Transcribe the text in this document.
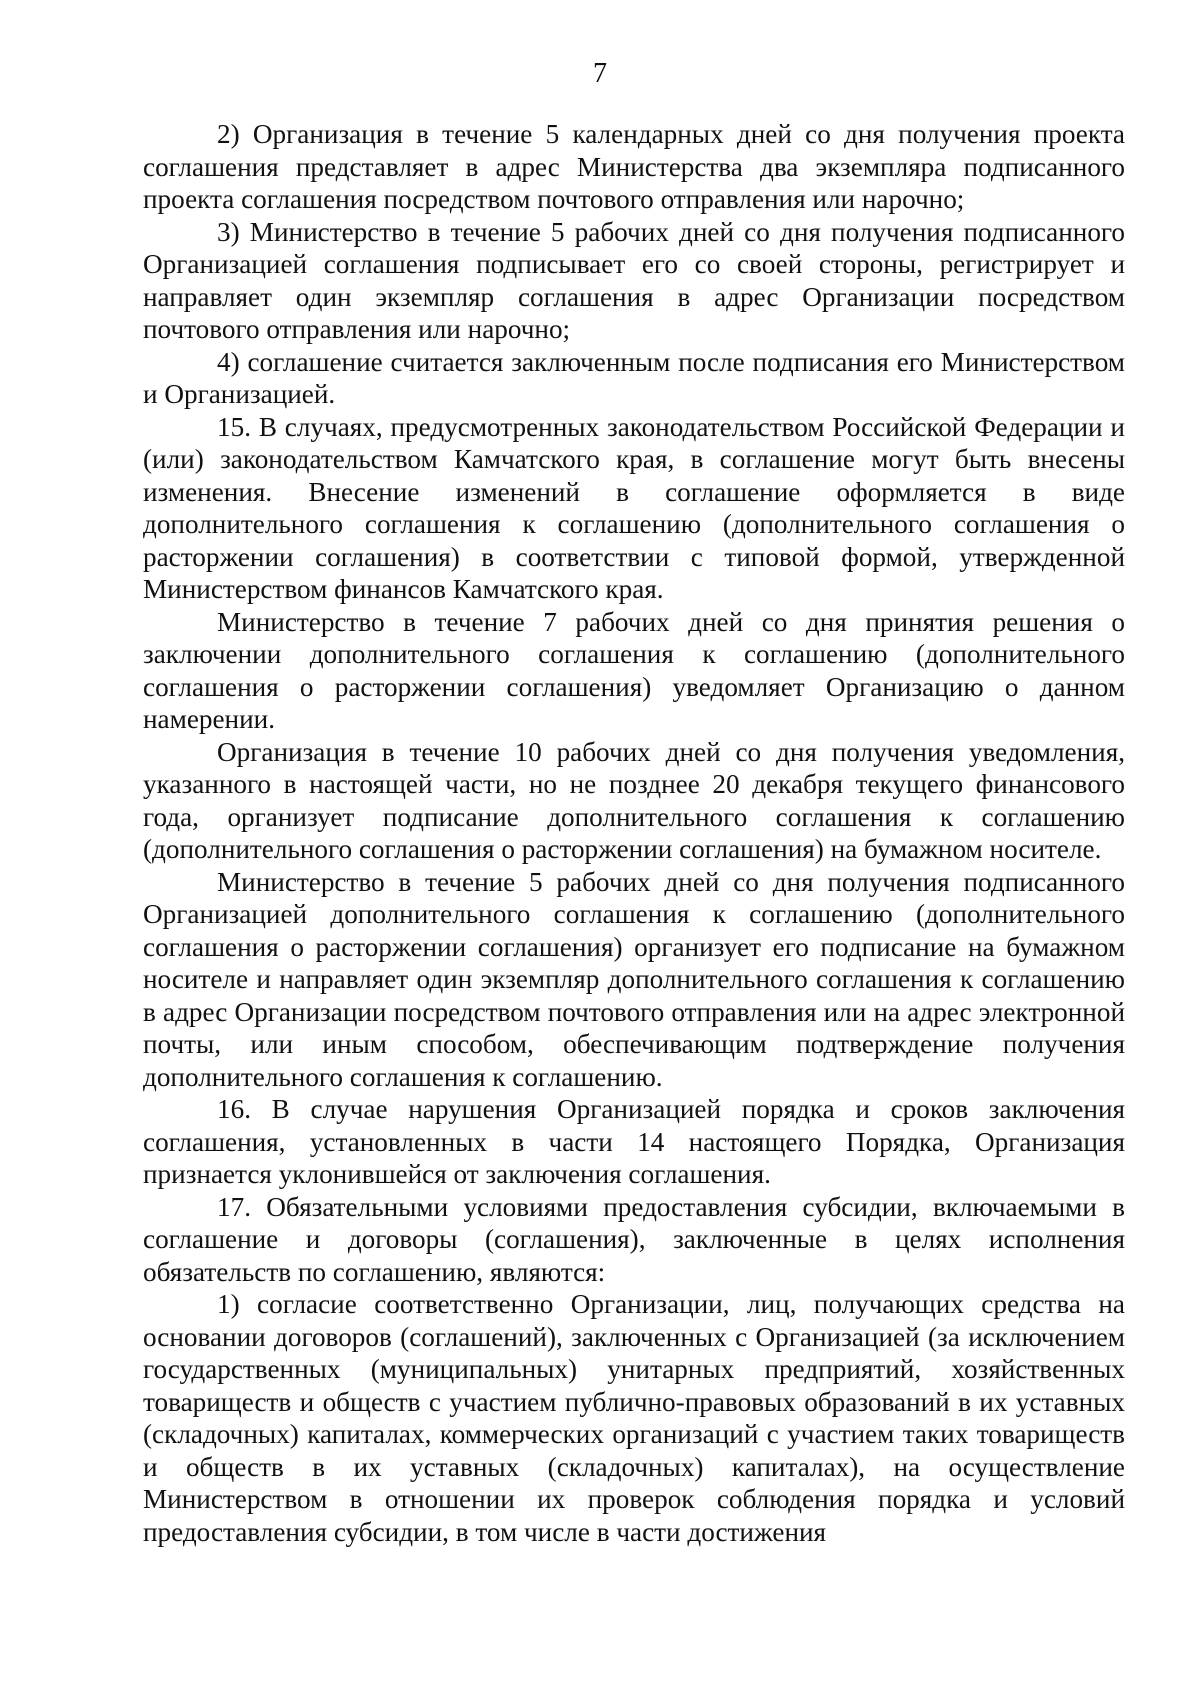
7

2) Организация в течение 5 календарных дней со дня получения проекта соглашения представляет в адрес Министерства два экземпляра подписанного проекта соглашения посредством почтового отправления или нарочно;

3) Министерство в течение 5 рабочих дней со дня получения подписанного Организацией соглашения подписывает его со своей стороны, регистрирует и направляет один экземпляр соглашения в адрес Организации посредством почтового отправления или нарочно;

4) соглашение считается заключенным после подписания его Министерством и Организацией.

15. В случаях, предусмотренных законодательством Российской Федерации и (или) законодательством Камчатского края, в соглашение могут быть внесены изменения. Внесение изменений в соглашение оформляется в виде дополнительного соглашения к соглашению (дополнительного соглашения о расторжении соглашения) в соответствии с типовой формой, утвержденной Министерством финансов Камчатского края.

Министерство в течение 7 рабочих дней со дня принятия решения о заключении дополнительного соглашения к соглашению (дополнительного соглашения о расторжении соглашения) уведомляет Организацию о данном намерении.

Организация в течение 10 рабочих дней со дня получения уведомления, указанного в настоящей части, но не позднее 20 декабря текущего финансового года, организует подписание дополнительного соглашения к соглашению (дополнительного соглашения о расторжении соглашения) на бумажном носителе.

Министерство в течение 5 рабочих дней со дня получения подписанного Организацией дополнительного соглашения к соглашению (дополнительного соглашения о расторжении соглашения) организует его подписание на бумажном носителе и направляет один экземпляр дополнительного соглашения к соглашению в адрес Организации посредством почтового отправления или на адрес электронной почты, или иным способом, обеспечивающим подтверждение получения дополнительного соглашения к соглашению.

16. В случае нарушения Организацией порядка и сроков заключения соглашения, установленных в части 14 настоящего Порядка, Организация признается уклонившейся от заключения соглашения.

17. Обязательными условиями предоставления субсидии, включаемыми в соглашение и договоры (соглашения), заключенные в целях исполнения обязательств по соглашению, являются:

1) согласие соответственно Организации, лиц, получающих средства на основании договоров (соглашений), заключенных с Организацией (за исключением государственных (муниципальных) унитарных предприятий, хозяйственных товариществ и обществ с участием публично-правовых образований в их уставных (складочных) капиталах, коммерческих организаций с участием таких товариществ и обществ в их уставных (складочных) капиталах), на осуществление Министерством в отношении их проверок соблюдения порядка и условий предоставления субсидии, в том числе в части достижения
